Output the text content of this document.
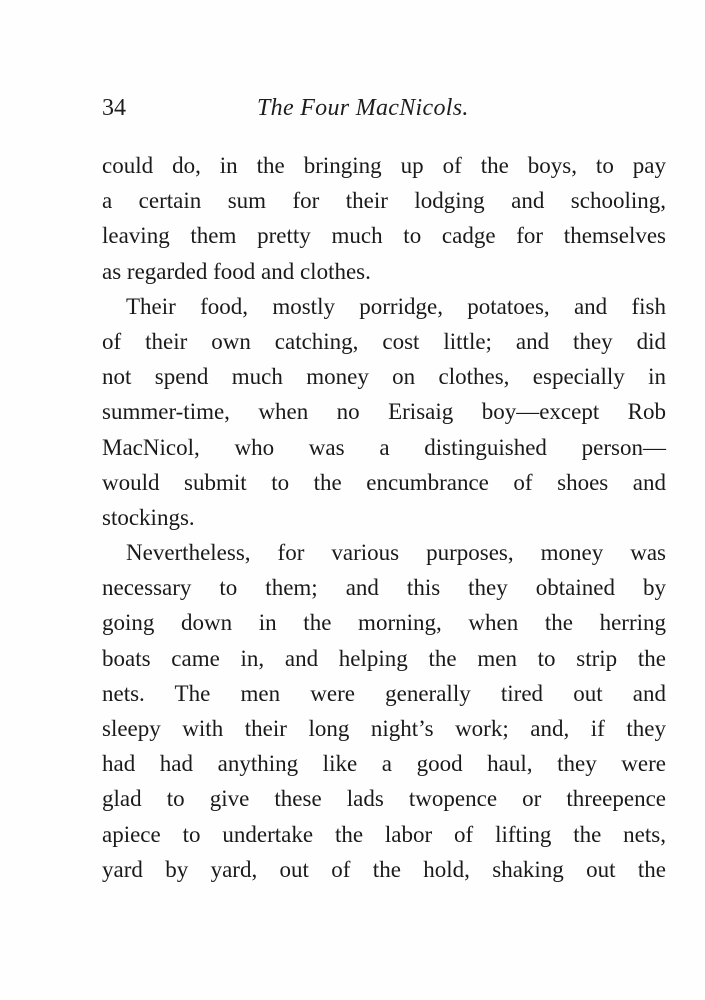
34	The Four MacNicols.
could do, in the bringing up of the boys, to pay
a certain sum for their lodging and schooling,
leaving them pretty much to cadge for themselves
as regarded food and clothes.
Their food, mostly porridge, potatoes, and fish
of their own catching, cost little; and they did
not spend much money on clothes, especially in
summer-time, when no Erisaig boy—except Rob
MacNicol, who was a distinguished person—
would submit to the encumbrance of shoes and
stockings.
Nevertheless, for various purposes, money was
necessary to them; and this they obtained by
going down in the morning, when the herring
boats came in, and helping the men to strip the
nets. The men were generally tired out and
sleepy with their long night’s work; and, if they
had had anything like a good haul, they were
glad to give these lads twopence or threepence
apiece to undertake the labor of lifting the nets,
yard by yard, out of the hold, shaking out the
